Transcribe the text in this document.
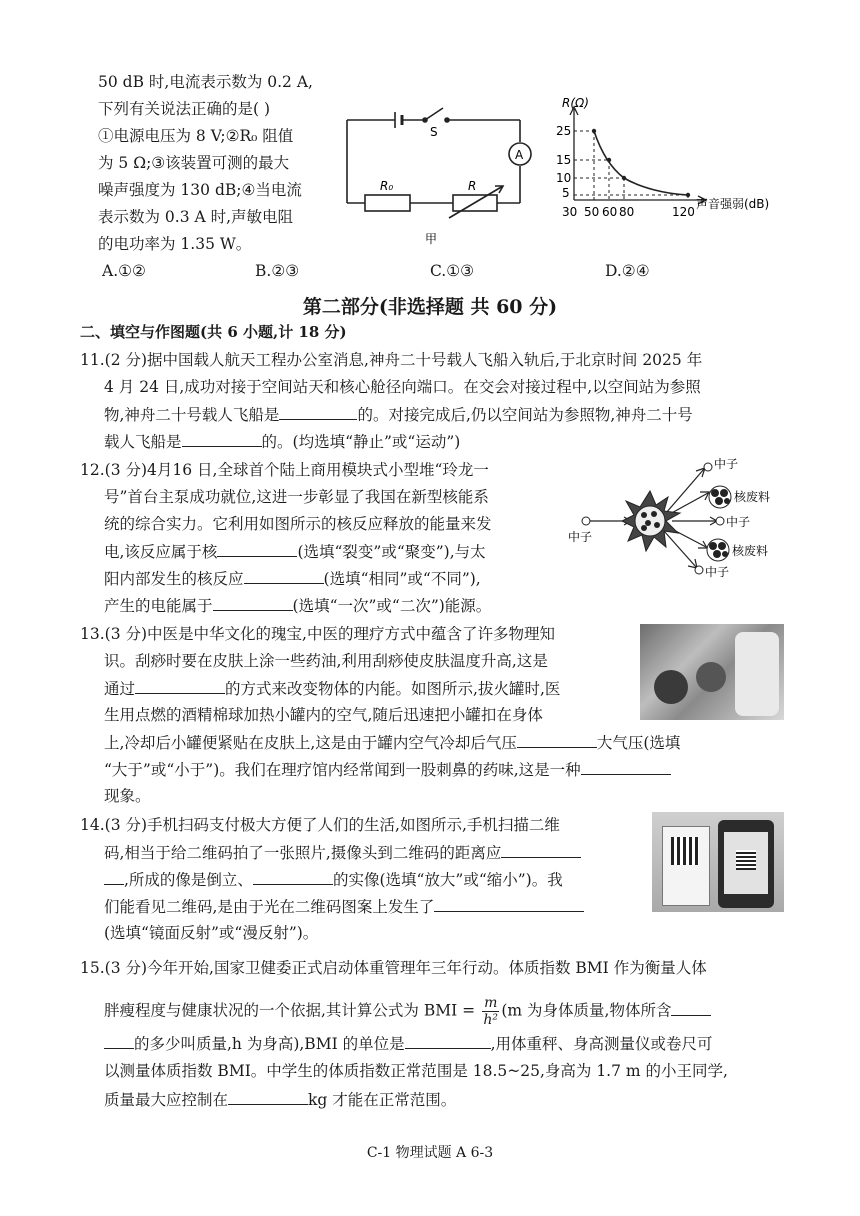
50 dB 时,电流表示数为 0.2 A,
下列有关说法正确的是( )
①电源电压为 8 V;②R₀ 阻值
为 5 Ω;③该装置可测的最大
噪声强度为 130 dB;④当电流
表示数为 0.3 A 时,声敏电阻
的电功率为 1.35 W。
S
A
R₀	R
甲
R(Ω)
25
15
10
5
30 50 60 80	120
声音强弱(dB)
A.①②	B.②③	C.①③	D.②④
第二部分(非选择题 共 60 分)
二、填空与作图题(共 6 小题,计 18 分)
11.(2 分)据中国载人航天工程办公室消息,神舟二十号载人飞船入轨后,于北京时间 2025 年
4 月 24 日,成功对接于空间站天和核心舱径向端口。在交会对接过程中,以空间站为参照
物,神舟二十号载人飞船是	的。对接完成后,仍以空间站为参照物,神舟二十号
载人飞船是	的。(均选填“静止”或“运动”)
12.(3 分)4月16 日,全球首个陆上商用模块式小型堆“玲龙一
号”首台主泵成功就位,这进一步彰显了我国在新型核能系
统的综合实力。它利用如图所示的核反应释放的能量来发
电,该反应属于核	(选填“裂变”或“聚变”),与太
阳内部发生的核反应	(选填“相同”或“不同”),
产生的电能属于	(选填“一次”或“二次”)能源。
中子
中子
核废料
中子
核废料
中子
13.(3 分)中医是中华文化的瑰宝,中医的理疗方式中蕴含了许多物理知
识。刮痧时要在皮肤上涂一些药油,利用刮痧使皮肤温度升高,这是
通过	的方式来改变物体的内能。如图所示,拔火罐时,医
生用点燃的酒精棉球加热小罐内的空气,随后迅速把小罐扣在身体
上,冷却后小罐便紧贴在皮肤上,这是由于罐内空气冷却后气压	大气压(选填
“大于”或“小于”)。我们在理疗馆内经常闻到一股刺鼻的药味,这是一种
现象。
14.(3 分)手机扫码支付极大方便了人们的生活,如图所示,手机扫描二维
码,相当于给二维码拍了一张照片,摄像头到二维码的距离应
,所成的像是倒立、	的实像(选填“放大”或“缩小”)。我
们能看见二维码,是由于光在二维码图案上发生了
(选填“镜面反射”或“漫反射”)。
15.(3 分)今年开始,国家卫健委正式启动体重管理年三年行动。体质指数 BMI 作为衡量人体
胖瘦程度与健康状况的一个依据,其计算公式为 BMI = $\frac{m}{\text{h²}} (m$ 为身体质量,物体所含
的多少叫质量,h 为身高),BMI 的单位是	,用体重秤、身高测量仪或卷尺可
以测量体质指数 BMI。中学生的体质指数正常范围是 18.5~25,身高为 1.7 m 的小王同学,
质量最大应控制在	kg 才能在正常范围。
C-1 物理试题 A 6-3
